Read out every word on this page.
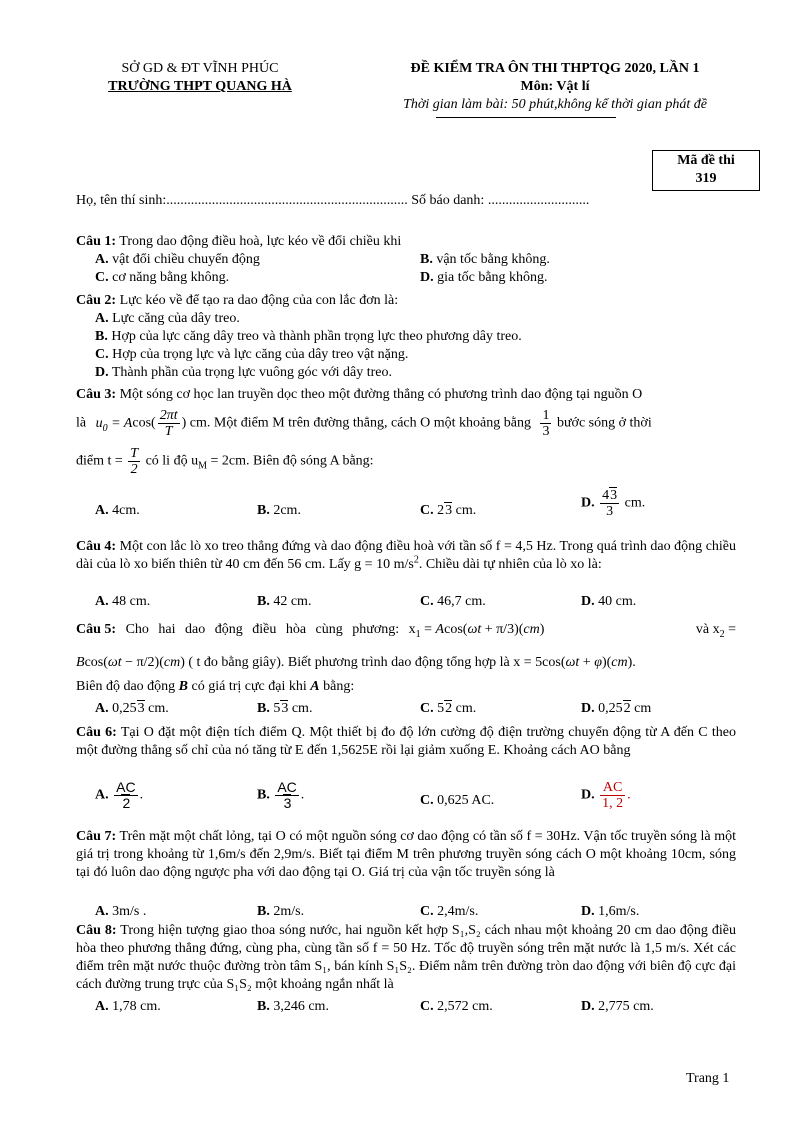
SỞ GD & ĐT VĨNH PHÚC
TRƯỜNG THPT QUANG HÀ
ĐỀ KIỂM TRA ÔN THI THPTQG 2020, LẦN 1
Môn: Vật lí
Thời gian làm bài: 50 phút,không kể thời gian phát đề
Mã đề thi
319
Họ, tên thí sinh:..................................................................... Số báo danh: .............................
Câu 1: Trong dao động điều hoà, lực kéo về đổi chiều khi
A. vật đổi chiều chuyển động	B. vận tốc bằng không.
C. cơ năng bằng không.	D. gia tốc bằng không.
Câu 2: Lực kéo về để tạo ra dao động của con lắc đơn là:
A. Lực căng của dây treo.
B. Hợp của lực căng dây treo và thành phần trọng lực theo phương dây treo.
C. Hợp của trọng lực và lực căng của dây treo vật nặng.
D. Thành phần của trọng lực vuông góc với dây treo.
Câu 3: Một sóng cơ học lan truyền dọc theo một đường thẳng có phương trình dao động tại nguồn O
là $u_0 = Acos( \frac{2\pi t}{T}$ ) cm. Một điểm M trên đường thẳng, cách O một khoảng bằng $\frac{1}{3}$ bước sóng ở thời
điểm $t = \frac{T}{2}$ có li độ $u_M = 2cm$. Biên độ sóng A bằng:
A. 4cm.	B. 2cm.	C. 23 cm.	D. $\frac{43}{3}$ cm.
Câu 4: Một con lắc lò xo treo thẳng đứng và dao động điều hoà với tần số f = 4,5 Hz. Trong quá trình dao động chiều dài của lò xo biến thiên từ 40 cm đến 56 cm. Lấy g = 10 $m/s^2$. Chiều dài tự nhiên của lò xo là:
A. 48 cm.	B. 42 cm.	C. 46,7 cm.	D. 40 cm.
Câu 5: Cho hai dao động điều hòa cùng phương: $x_1 = Acos(\omega t + \pi/3)(cm)$	và $x_2$ =
Bcos(ωt − π/2)(cm) ( t đo bằng giây). Biết phương trình dao động tổng hợp là x = 5cos(ωt + φ)(cm).
Biên độ dao động B có giá trị cực đại khi A bằng:
A. 0,253 cm.	B. 53 cm.	C. 52 cm.	D. 0,252 cm
Câu 6: Tại O đặt một điện tích điểm Q. Một thiết bị đo độ lớn cường độ điện trường chuyển động từ A đến C theo một đường thẳng số chỉ của nó tăng từ E đến 1,5625E rồi lại giảm xuống E. Khoảng cách AO bằng
A. $\frac{AC}{2}$ .	B. $\frac{AC}{3}$ .	C. 0,625 AC.	D. $\frac{AC}{1, 2}$ .
Câu 7: Trên mặt một chất lỏng, tại O có một nguồn sóng cơ dao động có tần số f = 30Hz. Vận tốc truyền sóng là một giá trị trong khoảng từ 1,6m/s đến 2,9m/s. Biết tại điểm M trên phương truyền sóng cách O một khoảng 10cm, sóng tại đó luôn dao động ngược pha với dao động tại O. Giá trị của vận tốc truyền sóng là
A. 3m/s .	B. 2m/s.	C. 2,4m/s.	D. 1,6m/s.
Câu 8: Trong hiện tượng giao thoa sóng nước, hai nguồn kết hợp S₁,S₂ cách nhau một khoảng 20 cm dao động điều hòa theo phương thẳng đứng, cùng pha, cùng tần số f = 50 Hz. Tốc độ truyền sóng trên mặt nước là 1,5 m/s. Xét các điểm trên mặt nước thuộc đường tròn tâm S₁, bán kính S₁S₂. Điểm nằm trên đường tròn dao động với biên độ cực đại cách đường trung trực của S₁S₂ một khoảng ngắn nhất là
A. 1,78 cm.	B. 3,246 cm.	C. 2,572 cm.	D. 2,775 cm.
Trang 1
